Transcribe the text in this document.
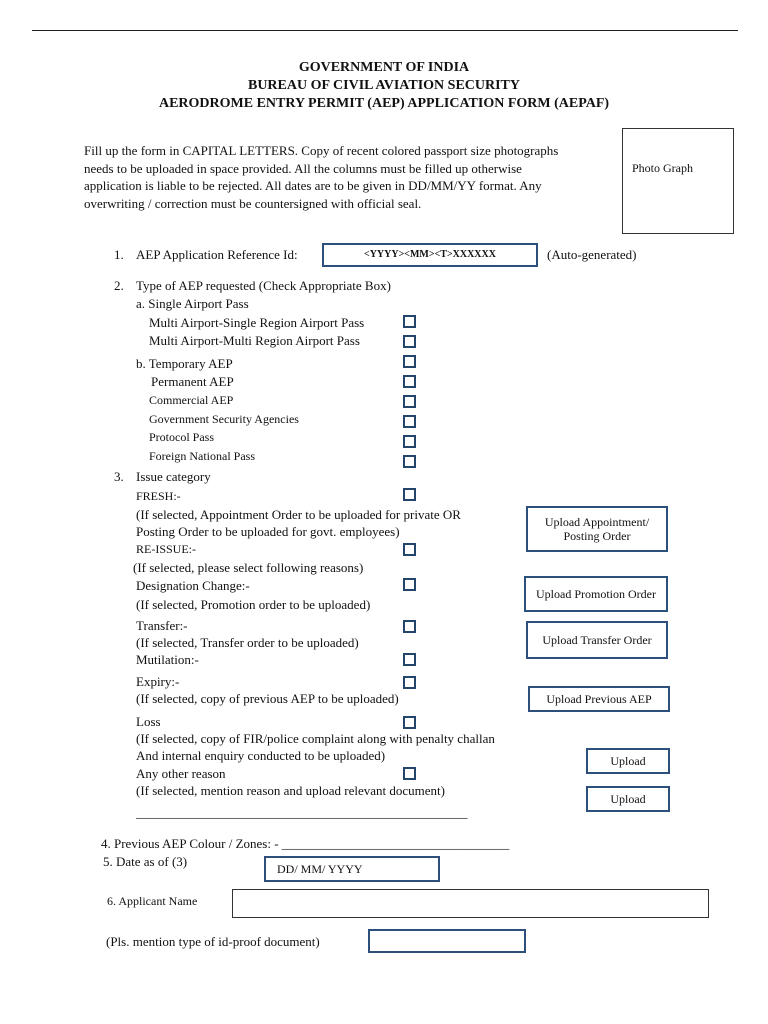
GOVERNMENT OF INDIA
BUREAU OF CIVIL AVIATION SECURITY
AERODROME ENTRY PERMIT (AEP) APPLICATION FORM (AEPAF)
Fill up the form in CAPITAL LETTERS. Copy of recent colored passport size photographs
needs to be uploaded in space provided. All the columns must be filled up otherwise
application is liable to be rejected. All dates are to be given in DD/MM/YY format. Any
overwriting / correction must be countersigned with official seal.
Photo Graph
1. AEP Application Reference Id:	<YYYY><MM><T>XXXXXX	(Auto-generated)
2. Type of AEP requested (Check Appropriate Box)
a. Single Airport Pass
Multi Airport-Single Region Airport Pass
Multi Airport-Multi Region Airport Pass
b. Temporary AEP
Permanent AEP
Commercial AEP
Government Security Agencies
Protocol Pass
Foreign National Pass
3. Issue category
FRESH:-
(If selected, Appointment Order to be uploaded for private OR
Posting Order to be uploaded for govt. employees)
Upload Appointment/ Posting Order
RE-ISSUE:-
(If selected, please select following reasons)
Designation Change:-
(If selected, Promotion order to be uploaded)
Upload Promotion Order
Transfer:-
(If selected, Transfer order to be uploaded)	Upload Transfer Order
Mutilation:-
Expiry:-
(If selected, copy of previous AEP to be uploaded)	Upload Previous AEP
Loss
(If selected, copy of FIR/police complaint along with penalty challan
And internal enquiry conducted to be uploaded)	Upload
Any other reason
(If selected, mention reason and upload relevant document)
Upload
___________________________________________________
4. Previous AEP Colour / Zones: - ___________________________________
5. Date as of (3)	DD/ MM/ YYYY
6. Applicant Name
(Pls. mention type of id-proof document)
